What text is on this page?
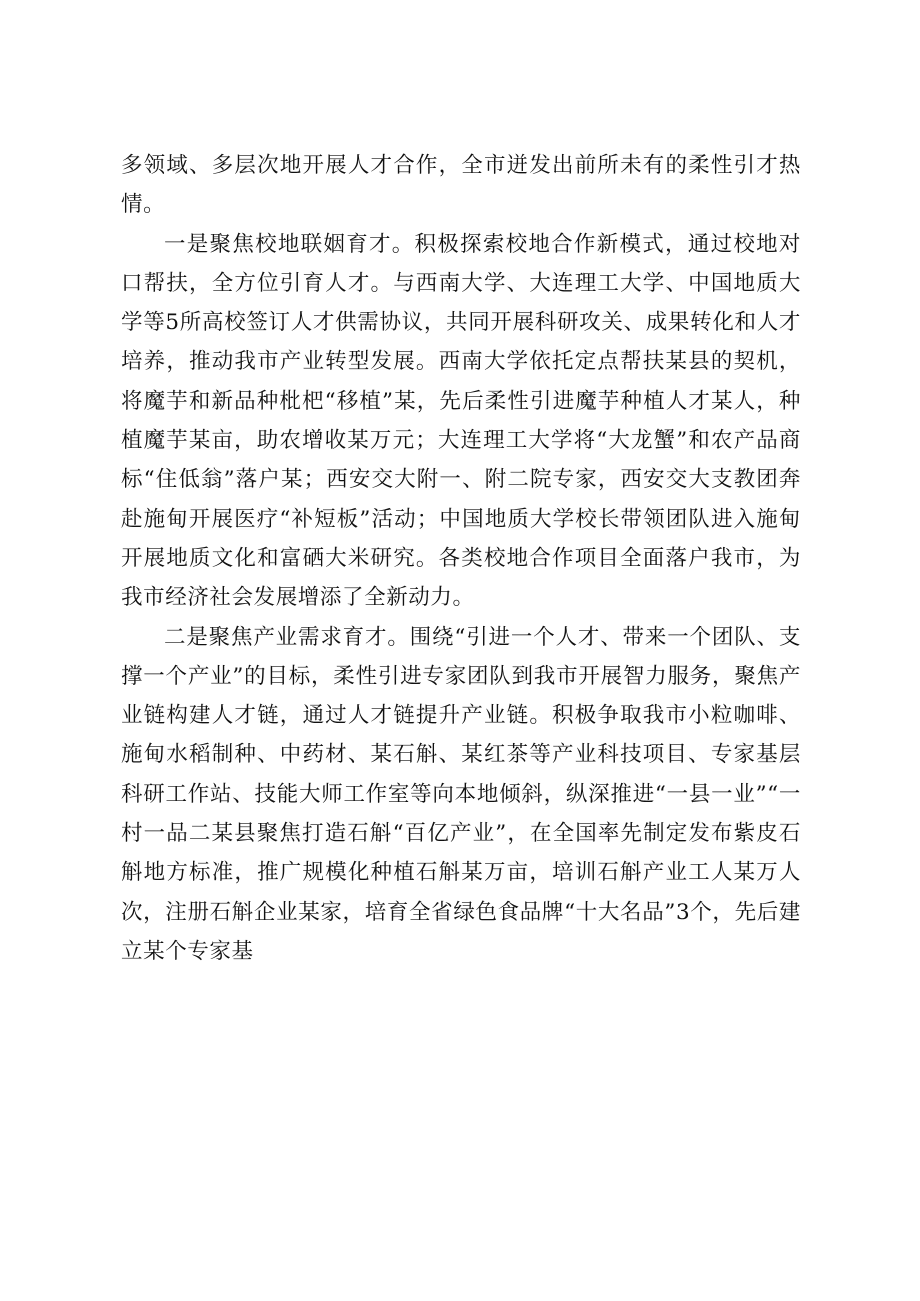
多领域、多层次地开展人才合作，全市迸发出前所未有的柔性引才热情。

一是聚焦校地联姻育才。积极探索校地合作新模式，通过校地对口帮扶，全方位引育人才。与西南大学、大连理工大学、中国地质大学等5所高校签订人才供需协议，共同开展科研攻关、成果转化和人才培养，推动我市产业转型发展。西南大学依托定点帮扶某县的契机，将魔芋和新品种枇杷“移植”某，先后柔性引进魔芋种植人才某人，种植魔芋某亩，助农增收某万元；大连理工大学将“大龙蟹”和农产品商标“住低翁”落户某；西安交大附一、附二院专家，西安交大支教团奔赴施甸开展医疗“补短板”活动；中国地质大学校长带领团队进入施甸开展地质文化和富硒大米研究。各类校地合作项目全面落户我市，为我市经济社会发展增添了全新动力。

二是聚焦产业需求育才。围绕“引进一个人才、带来一个团队、支撑一个产业”的目标，柔性引进专家团队到我市开展智力服务，聚焦产业链构建人才链，通过人才链提升产业链。积极争取我市小粒咖啡、施甸水稻制种、中药材、某石斛、某红茶等产业科技项目、专家基层科研工作站、技能大师工作室等向本地倾斜，纵深推进“一县一业”“一村一品二某县聚焦打造石斛“百亿产业”，在全国率先制定发布紫皮石斛地方标准，推广规模化种植石斛某万亩，培训石斛产业工人某万人次，注册石斛企业某家，培育全省绿色食品牌“十大名品”3个，先后建立某个专家基
